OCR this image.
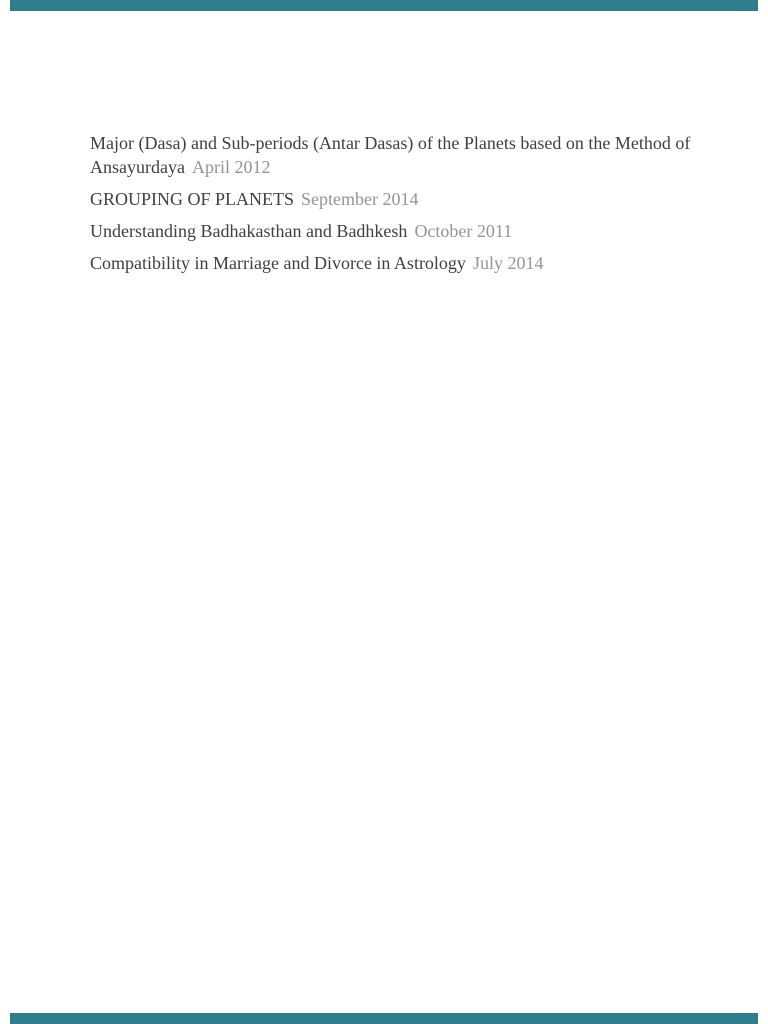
Major (Dasa) and Sub-periods (Antar Dasas) of the Planets based on the Method of Ansayurdaya April 2012

GROUPING OF PLANETS September 2014

Understanding Badhakasthan and Badhkesh October 2011

Compatibility in Marriage and Divorce in Astrology July 2014
